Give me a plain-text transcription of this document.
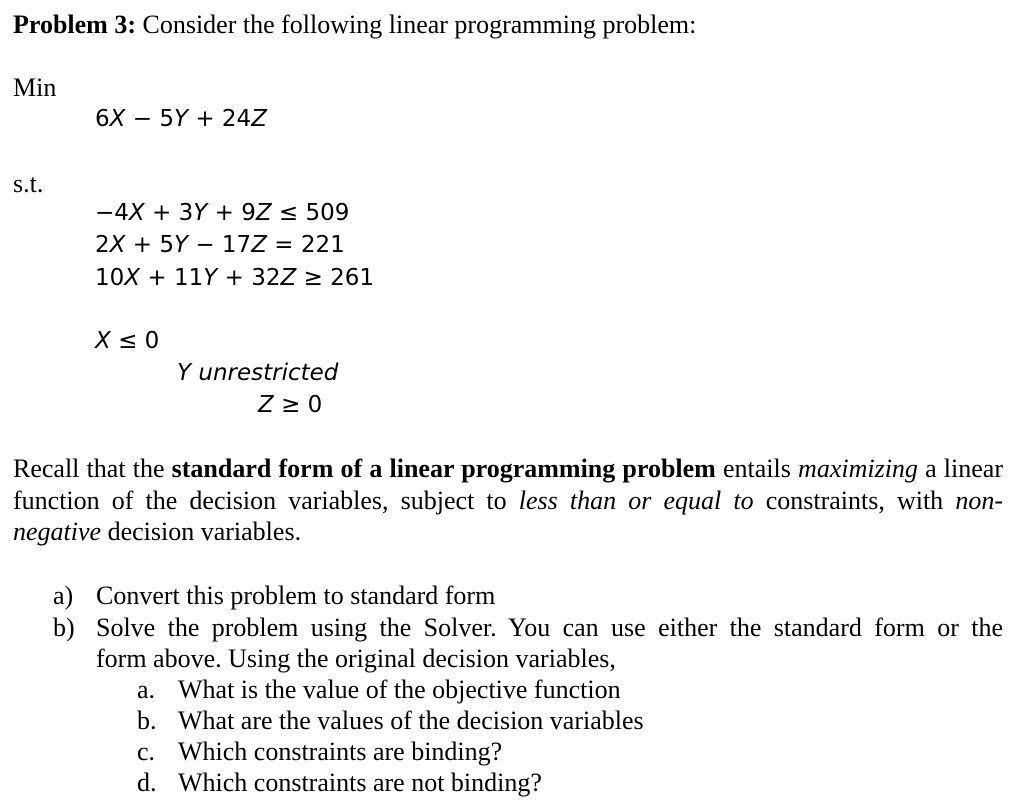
Problem 3: Consider the following linear programming problem:
Min
6X − 5Y + 24Z
s.t.
−4X + 3Y + 9Z ≤ 509
2X + 5Y − 17Z = 221
10X + 11Y + 32Z ≥ 261
X ≤ 0
Y unrestricted
Z ≥ 0
Recall that the standard form of a linear programming problem entails maximizing a linear function of the decision variables, subject to less than or equal to constraints, with non-negative decision variables.
a) Convert this problem to standard form
b) Solve the problem using the Solver. You can use either the standard form or the
form above. Using the original decision variables,
a. What is the value of the objective function
b. What are the values of the decision variables
c. Which constraints are binding?
d. Which constraints are not binding?
